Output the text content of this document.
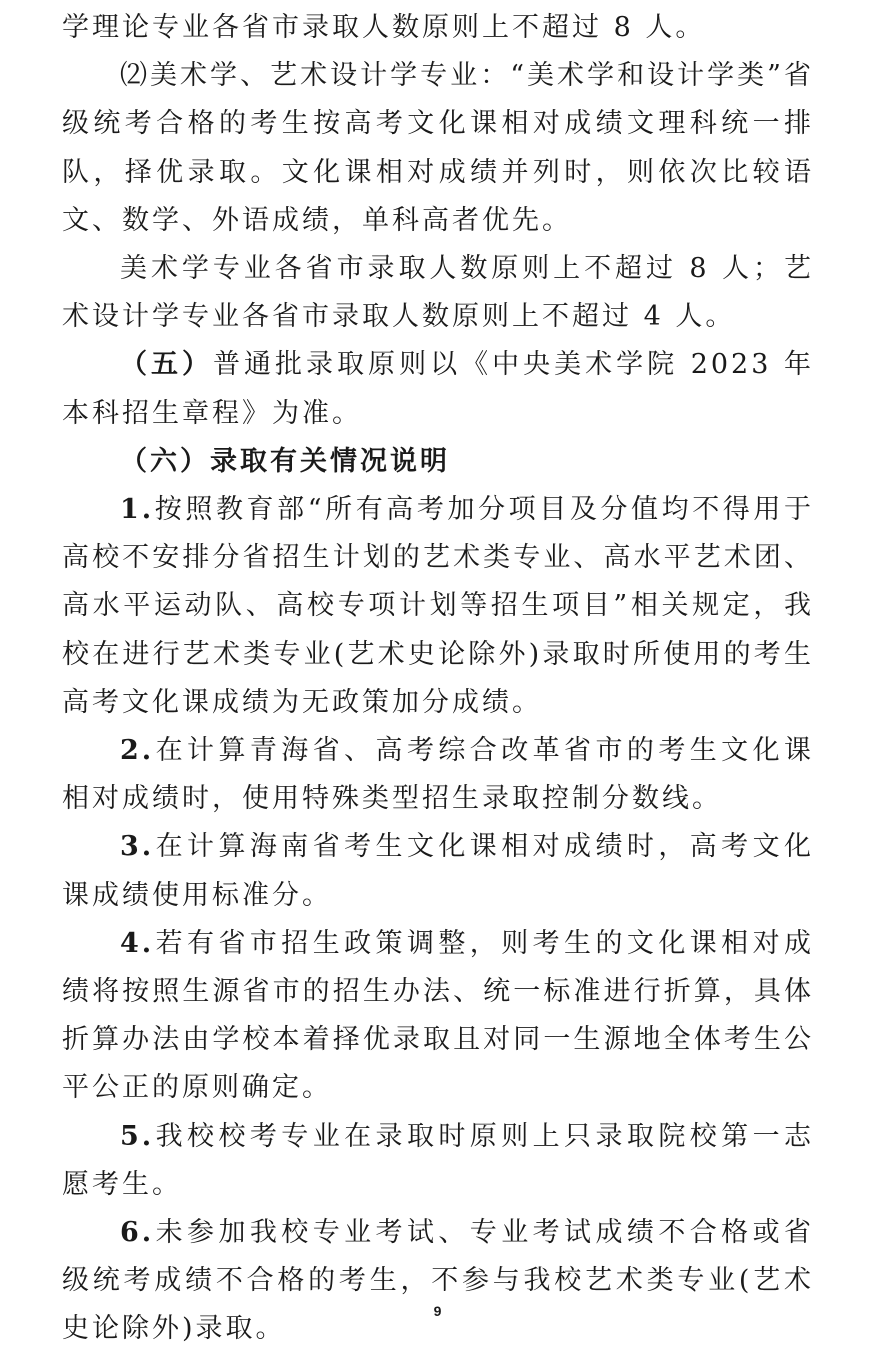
学理论专业各省市录取人数原则上不超过 8 人。

⑵美术学、艺术设计学专业：“美术学和设计学类”省级统考合格的考生按高考文化课相对成绩文理科统一排队，择优录取。文化课相对成绩并列时，则依次比较语文、数学、外语成绩，单科高者优先。

美术学专业各省市录取人数原则上不超过 8 人；艺术设计学专业各省市录取人数原则上不超过 4 人。

（五）普通批录取原则以《中央美术学院 2023 年本科招生章程》为准。

（六）录取有关情况说明

1.按照教育部“所有高考加分项目及分值均不得用于高校不安排分省招生计划的艺术类专业、高水平艺术团、高水平运动队、高校专项计划等招生项目”相关规定，我校在进行艺术类专业(艺术史论除外)录取时所使用的考生高考文化课成绩为无政策加分成绩。

2.在计算青海省、高考综合改革省市的考生文化课相对成绩时，使用特殊类型招生录取控制分数线。

3.在计算海南省考生文化课相对成绩时，高考文化课成绩使用标准分。

4.若有省市招生政策调整，则考生的文化课相对成绩将按照生源省市的招生办法、统一标准进行折算，具体折算办法由学校本着择优录取且对同一生源地全体考生公平公正的原则确定。

5.我校校考专业在录取时原则上只录取院校第一志愿考生。

6.未参加我校专业考试、专业考试成绩不合格或省级统考成绩不合格的考生，不参与我校艺术类专业(艺术史论除外)录取。

9
